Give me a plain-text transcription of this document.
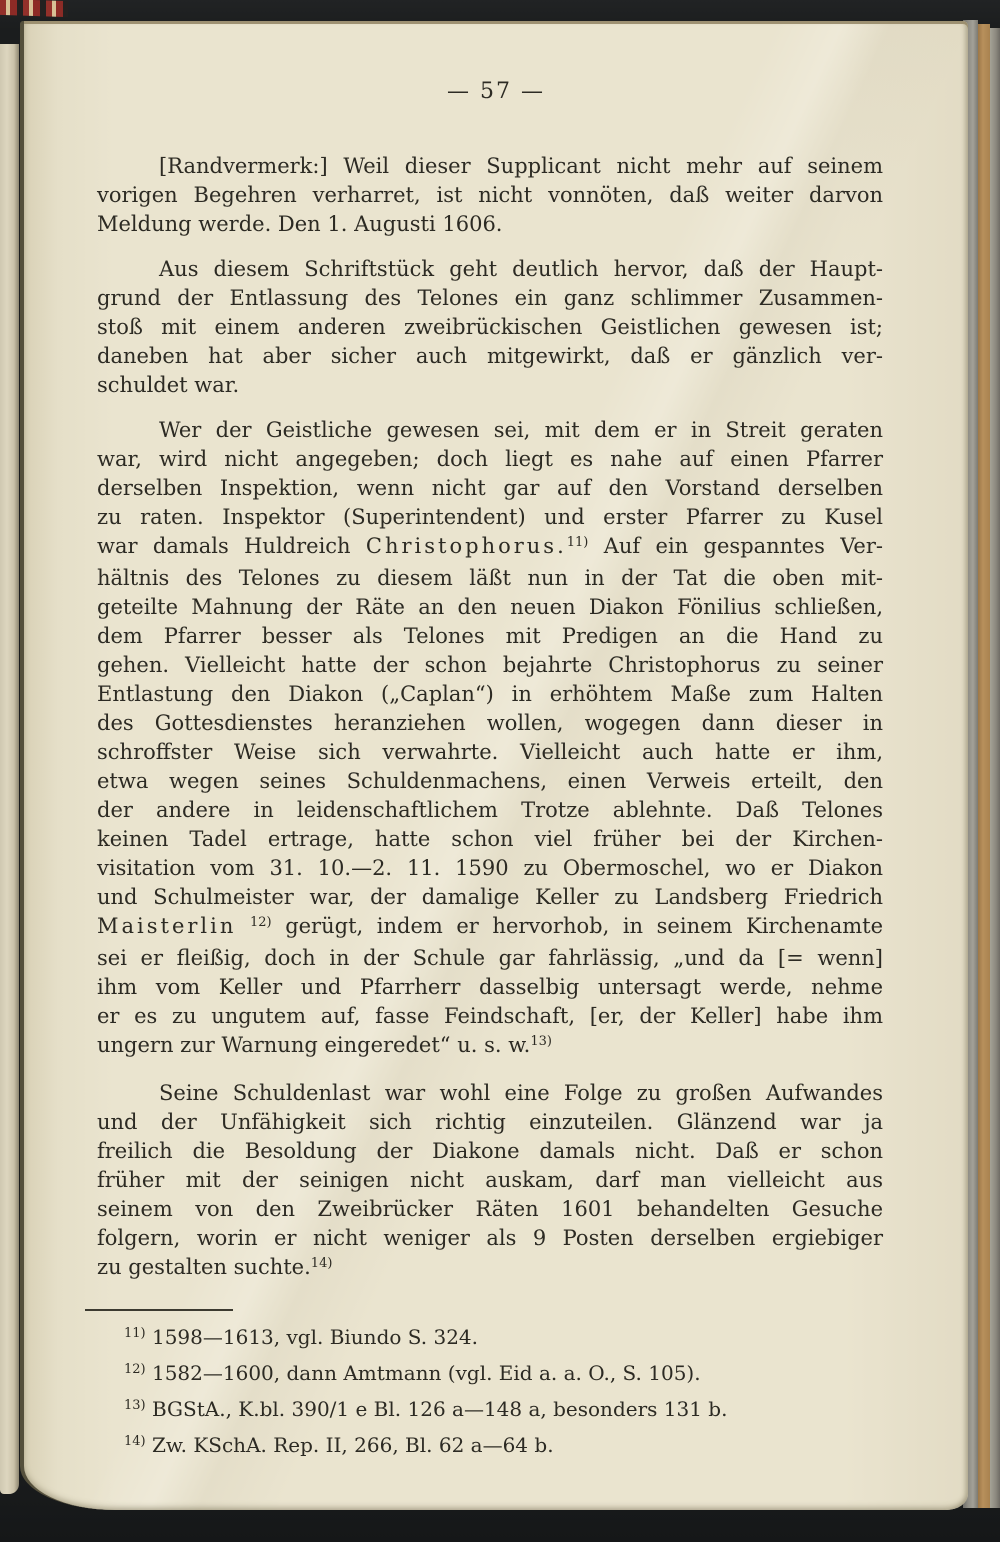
— 57 —
[Randvermerk:] Weil dieser Supplicant nicht mehr auf seinem
vorigen Begehren verharret, ist nicht vonnöten, daß weiter darvon
Meldung werde. Den 1. Augusti 1606.
Aus diesem Schriftstück geht deutlich hervor, daß der Haupt-
grund der Entlassung des Telones ein ganz schlimmer Zusammen-
stoß mit einem anderen zweibrückischen Geistlichen gewesen ist;
daneben hat aber sicher auch mitgewirkt, daß er gänzlich ver-
schuldet war.
Wer der Geistliche gewesen sei, mit dem er in Streit geraten
war, wird nicht angegeben; doch liegt es nahe auf einen Pfarrer
derselben Inspektion, wenn nicht gar auf den Vorstand derselben
zu raten. Inspektor (Superintendent) und erster Pfarrer zu Kusel
war damals Huldreich Christophorus.$^{11)}$ Auf ein gespanntes Ver-
hältnis des Telones zu diesem läßt nun in der Tat die oben mit-
geteilte Mahnung der Räte an den neuen Diakon Fönilius schließen,
dem Pfarrer besser als Telones mit Predigen an die Hand zu
gehen. Vielleicht hatte der schon bejahrte Christophorus zu seiner
Entlastung den Diakon („Caplan“) in erhöhtem Maße zum Halten
des Gottesdienstes heranziehen wollen, wogegen dann dieser in
schroffster Weise sich verwahrte. Vielleicht auch hatte er ihm,
etwa wegen seines Schuldenmachens, einen Verweis erteilt, den
der andere in leidenschaftlichem Trotze ablehnte. Daß Telones
keinen Tadel ertrage, hatte schon viel früher bei der Kirchen-
visitation vom 31. 10.—2. 11. 1590 zu Obermoschel, wo er Diakon
und Schulmeister war, der damalige Keller zu Landsberg Friedrich
Maisterlin $^{12)}$ gerügt, indem er hervorhob, in seinem Kirchenamte
sei er fleißig, doch in der Schule gar fahrlässig, „und da [= wenn]
ihm vom Keller und Pfarrherr dasselbig untersagt werde, nehme
er es zu ungutem auf, fasse Feindschaft, [er, der Keller] habe ihm
ungern zur Warnung eingeredet“ u. s. w.$^{13)}$
Seine Schuldenlast war wohl eine Folge zu großen Aufwandes
und der Unfähigkeit sich richtig einzuteilen. Glänzend war ja
freilich die Besoldung der Diakone damals nicht. Daß er schon
früher mit der seinigen nicht auskam, darf man vielleicht aus
seinem von den Zweibrücker Räten 1601 behandelten Gesuche
folgern, worin er nicht weniger als 9 Posten derselben ergiebiger
zu gestalten suchte.$^{14)}$
$^{11)}$ 1598—1613, vgl. Biundo S. 324.
$^{12)}$ 1582—1600, dann Amtmann (vgl. Eid a. a. O., S. 105).
$^{13)}$ BGStA., K.bl. 390/1 e Bl. 126 a—148 a, besonders 131 b.
$^{14)}$ Zw. KSchA. Rep. II, 266, Bl. 62 a—64 b.
